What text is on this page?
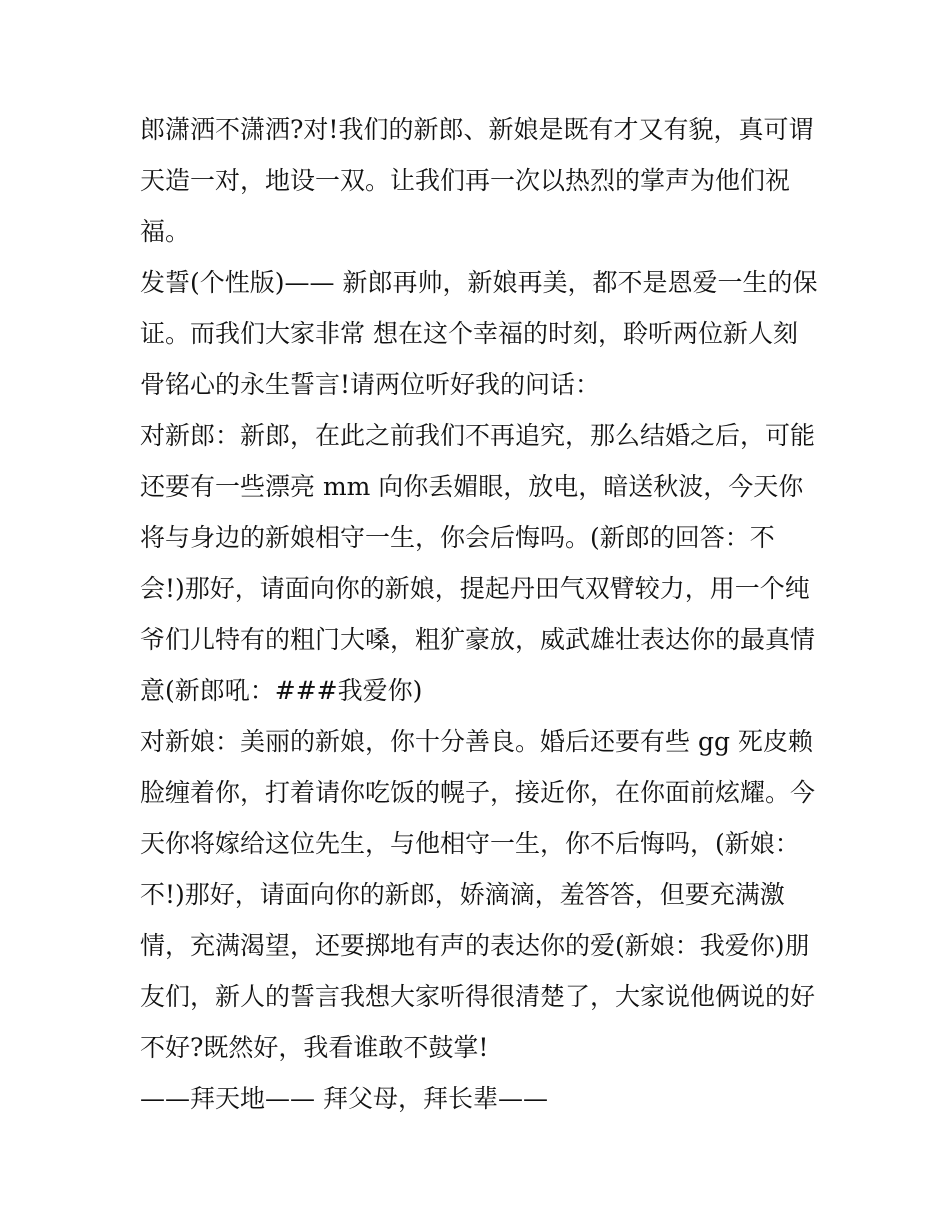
郎潇洒不潇洒?对!我们的新郎、新娘是既有才又有貌，真可谓
天造一对，地设一双。让我们再一次以热烈的掌声为他们祝
福。
发誓(个性版)—— 新郎再帅，新娘再美，都不是恩爱一生的保
证。而我们大家非常 想在这个幸福的时刻，聆听两位新人刻
骨铭心的永生誓言!请两位听好我的问话：
对新郎：新郎，在此之前我们不再追究，那么结婚之后，可能
还要有一些漂亮 mm 向你丢媚眼，放电，暗送秋波，今天你
将与身边的新娘相守一生，你会后悔吗。(新郎的回答：不
会!)那好，请面向你的新娘，提起丹田气双臂较力，用一个纯
爷们儿特有的粗门大嗓，粗犷豪放，威武雄壮表达你的最真情
意(新郎吼：###我爱你)
对新娘：美丽的新娘，你十分善良。婚后还要有些 gg 死皮赖
脸缠着你，打着请你吃饭的幌子，接近你，在你面前炫耀。今
天你将嫁给这位先生，与他相守一生，你不后悔吗，(新娘：
不!)那好，请面向你的新郎，娇滴滴，羞答答，但要充满激
情，充满渴望，还要掷地有声的表达你的爱(新娘：我爱你)朋
友们，新人的誓言我想大家听得很清楚了，大家说他俩说的好
不好?既然好，我看谁敢不鼓掌!
——拜天地—— 拜父母，拜长辈——
